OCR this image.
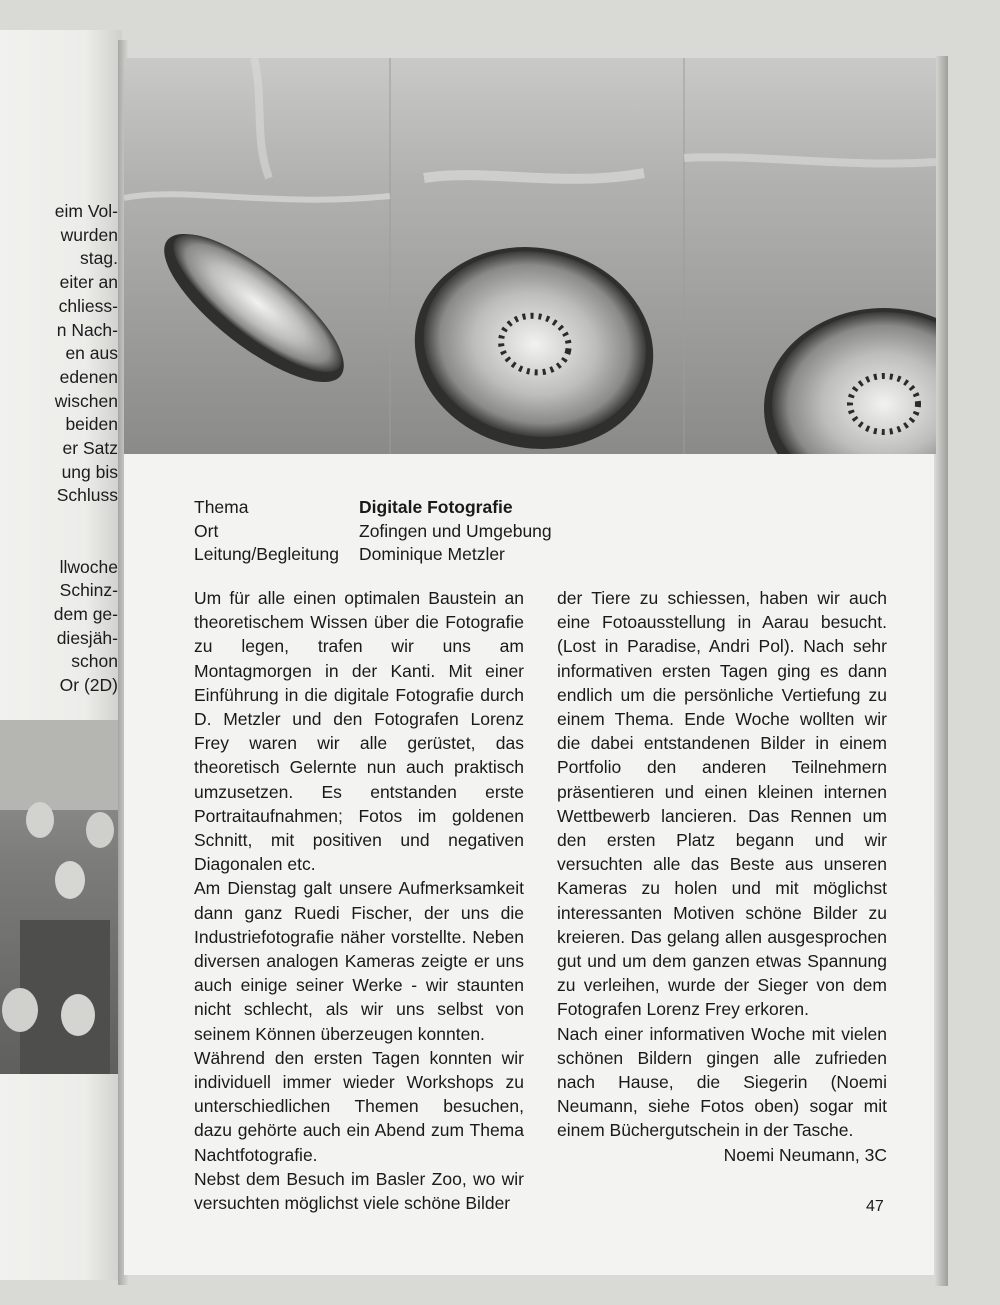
eim Vol-
wurden
stag.
eiter an
chliess-
n Nach-
en aus
edenen
wischen
beiden
er Satz
ung bis
Schluss

llwoche
Schinz-
dem ge-
diesjäh-
schon
Or (2D)
Thema	Digitale Fotografie
Ort	Zofingen und Umgebung
Leitung/Begleitung	Dominique Metzler

Um für alle einen optimalen Baustein an theoretischem Wissen über die Fotografie zu legen, trafen wir uns am Montagmorgen in der Kanti. Mit einer Einführung in die digitale Fotografie durch D. Metzler und den Fotografen Lorenz Frey waren wir alle gerüstet, das theoretisch Gelernte nun auch praktisch umzusetzen. Es entstanden erste Portraitaufnahmen; Fotos im goldenen Schnitt, mit positiven und negativen Diagonalen etc.

Am Dienstag galt unsere Aufmerksamkeit dann ganz Ruedi Fischer, der uns die Industriefotografie näher vorstellte. Neben diversen analogen Kameras zeigte er uns auch einige seiner Werke - wir staunten nicht schlecht, als wir uns selbst von seinem Können überzeugen konnten.

Während den ersten Tagen konnten wir individuell immer wieder Workshops zu unterschiedlichen Themen besuchen, dazu gehörte auch ein Abend zum Thema Nachtfotografie.

Nebst dem Besuch im Basler Zoo, wo wir versuchten möglichst viele schöne Bilder

der Tiere zu schiessen, haben wir auch eine Fotoausstellung in Aarau besucht. (Lost in Paradise, Andri Pol). Nach sehr informativen ersten Tagen ging es dann endlich um die persönliche Vertiefung zu einem Thema. Ende Woche wollten wir die dabei entstandenen Bilder in einem Portfolio den anderen Teilnehmern präsentieren und einen kleinen internen Wettbewerb lancieren. Das Rennen um den ersten Platz begann und wir versuchten alle das Beste aus unseren Kameras zu holen und mit möglichst interessanten Motiven schöne Bilder zu kreieren. Das gelang allen ausgesprochen gut und um dem ganzen etwas Spannung zu verleihen, wurde der Sieger von dem Fotografen Lorenz Frey erkoren.

Nach einer informativen Woche mit vielen schönen Bildern gingen alle zufrieden nach Hause, die Siegerin (Noemi Neumann, siehe Fotos oben) sogar mit einem Büchergutschein in der Tasche.

Noemi Neumann, 3C

47
